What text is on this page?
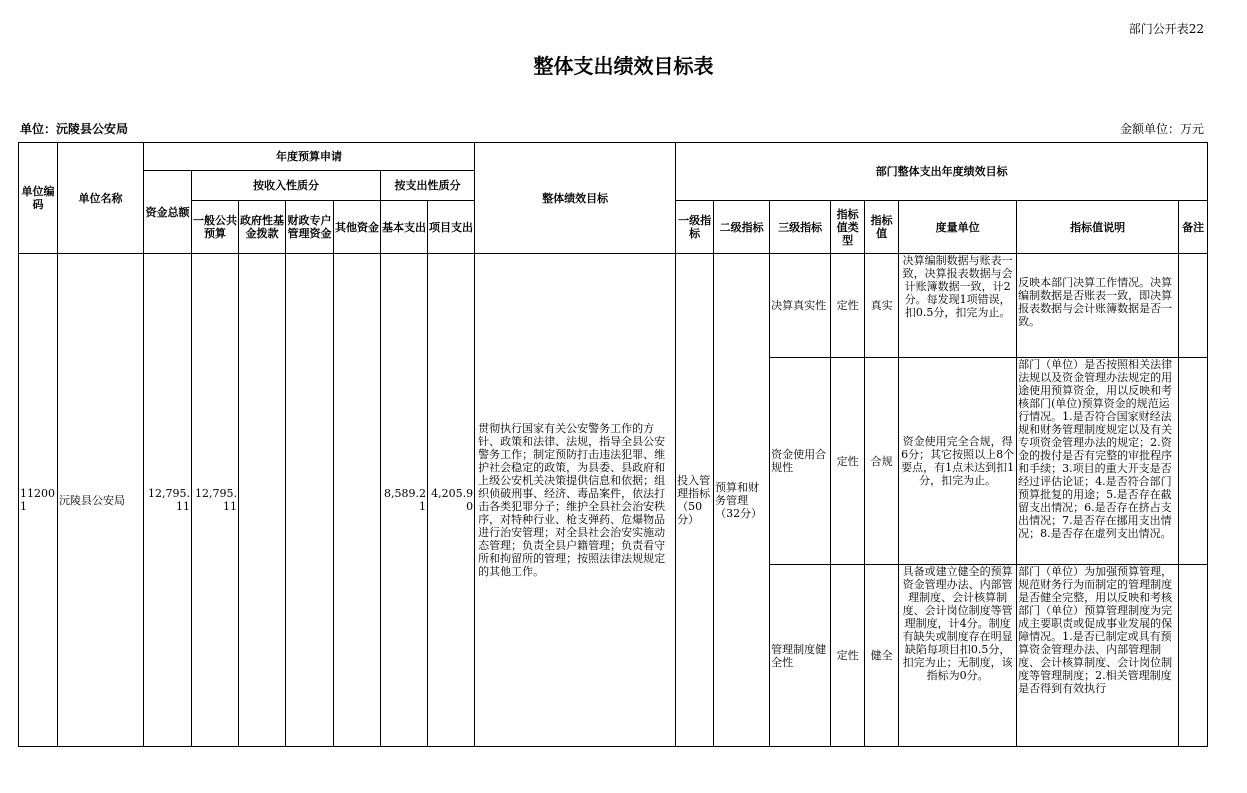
部门公开表22
整体支出绩效目标表
单位：沅陵县公安局	金额单位：万元
单位编码	单位名称	年度预算申请							整体绩效目标	部门整体支出年度绩效目标							
		资金总额	按收入性质分				按支出性质分										
			一般公共预算	政府性基金拨款	财政专户管理资金	其他资金	基本支出	项目支出		一级指标	二级指标	三级指标	指标值类型	指标值	度量单位	指标值说明	备注
112001	沅陵县公安局	12,795.11	12,795.11				8,589.21	4,205.90	贯彻执行国家有关公安警务工作的方针、政策和法律、法规，指导全县公安警务工作；制定预防打击违法犯罪、维护社会稳定的政策，为县委、县政府和上级公安机关决策提供信息和依据；组织侦破刑事、经济、毒品案件，依法打击各类犯罪分子；维护全县社会治安秩序，对特种行业、枪支弹药、危爆物品进行治安管理；对全县社会治安实施动态管理；负责全县户籍管理；负责看守所和拘留所的管理；按照法律法规规定的其他工作。	投入管理指标（50分）	预算和财务管理（32分）	决算真实性	定性	真实	决算编制数据与账表一致，决算报表数据与会计账簿数据一致，计2分。每发现1项错误，扣0.5分，扣完为止。	反映本部门决算工作情况。决算编制数据是否账表一致，即决算报表数据与会计账簿数据是否一致。	

												资金使用合规性	定性	合规	资金使用完全合规，得6分；其它按照以上8个要点，有1点未达到扣1分，扣完为止。	部门（单位）是否按照相关法律法规以及资金管理办法规定的用途使用预算资金，用以反映和考核部门(单位)预算资金的规范运行情况。1.是否符合国家财经法规和财务管理制度规定以及有关专项资金管理办法的规定；2.资金的拨付是否有完整的审批程序和手续；3.项目的重大开支是否经过评估论证；4.是否符合部门预算批复的用途；5.是否存在截留支出情况；6.是否存在挤占支出情况；7.是否存在挪用支出情况；8.是否存在虚列支出情况。	

												管理制度健全性	定性	健全	具备或建立健全的预算资金管理办法、内部管理制度、会计核算制度、会计岗位制度等管理制度，计4分。制度有缺失或制度存在明显缺陷每项目扣0.5分，扣完为止；无制度，该指标为0分。	部门（单位）为加强预算管理，规范财务行为而制定的管理制度是否健全完整，用以反映和考核部门（单位）预算管理制度为完成主要职责或促成事业发展的保障情况。1.是否已制定或具有预算资金管理办法、内部管理制度、会计核算制度、会计岗位制度等管理制度；2.相关管理制度是否得到有效执行	
